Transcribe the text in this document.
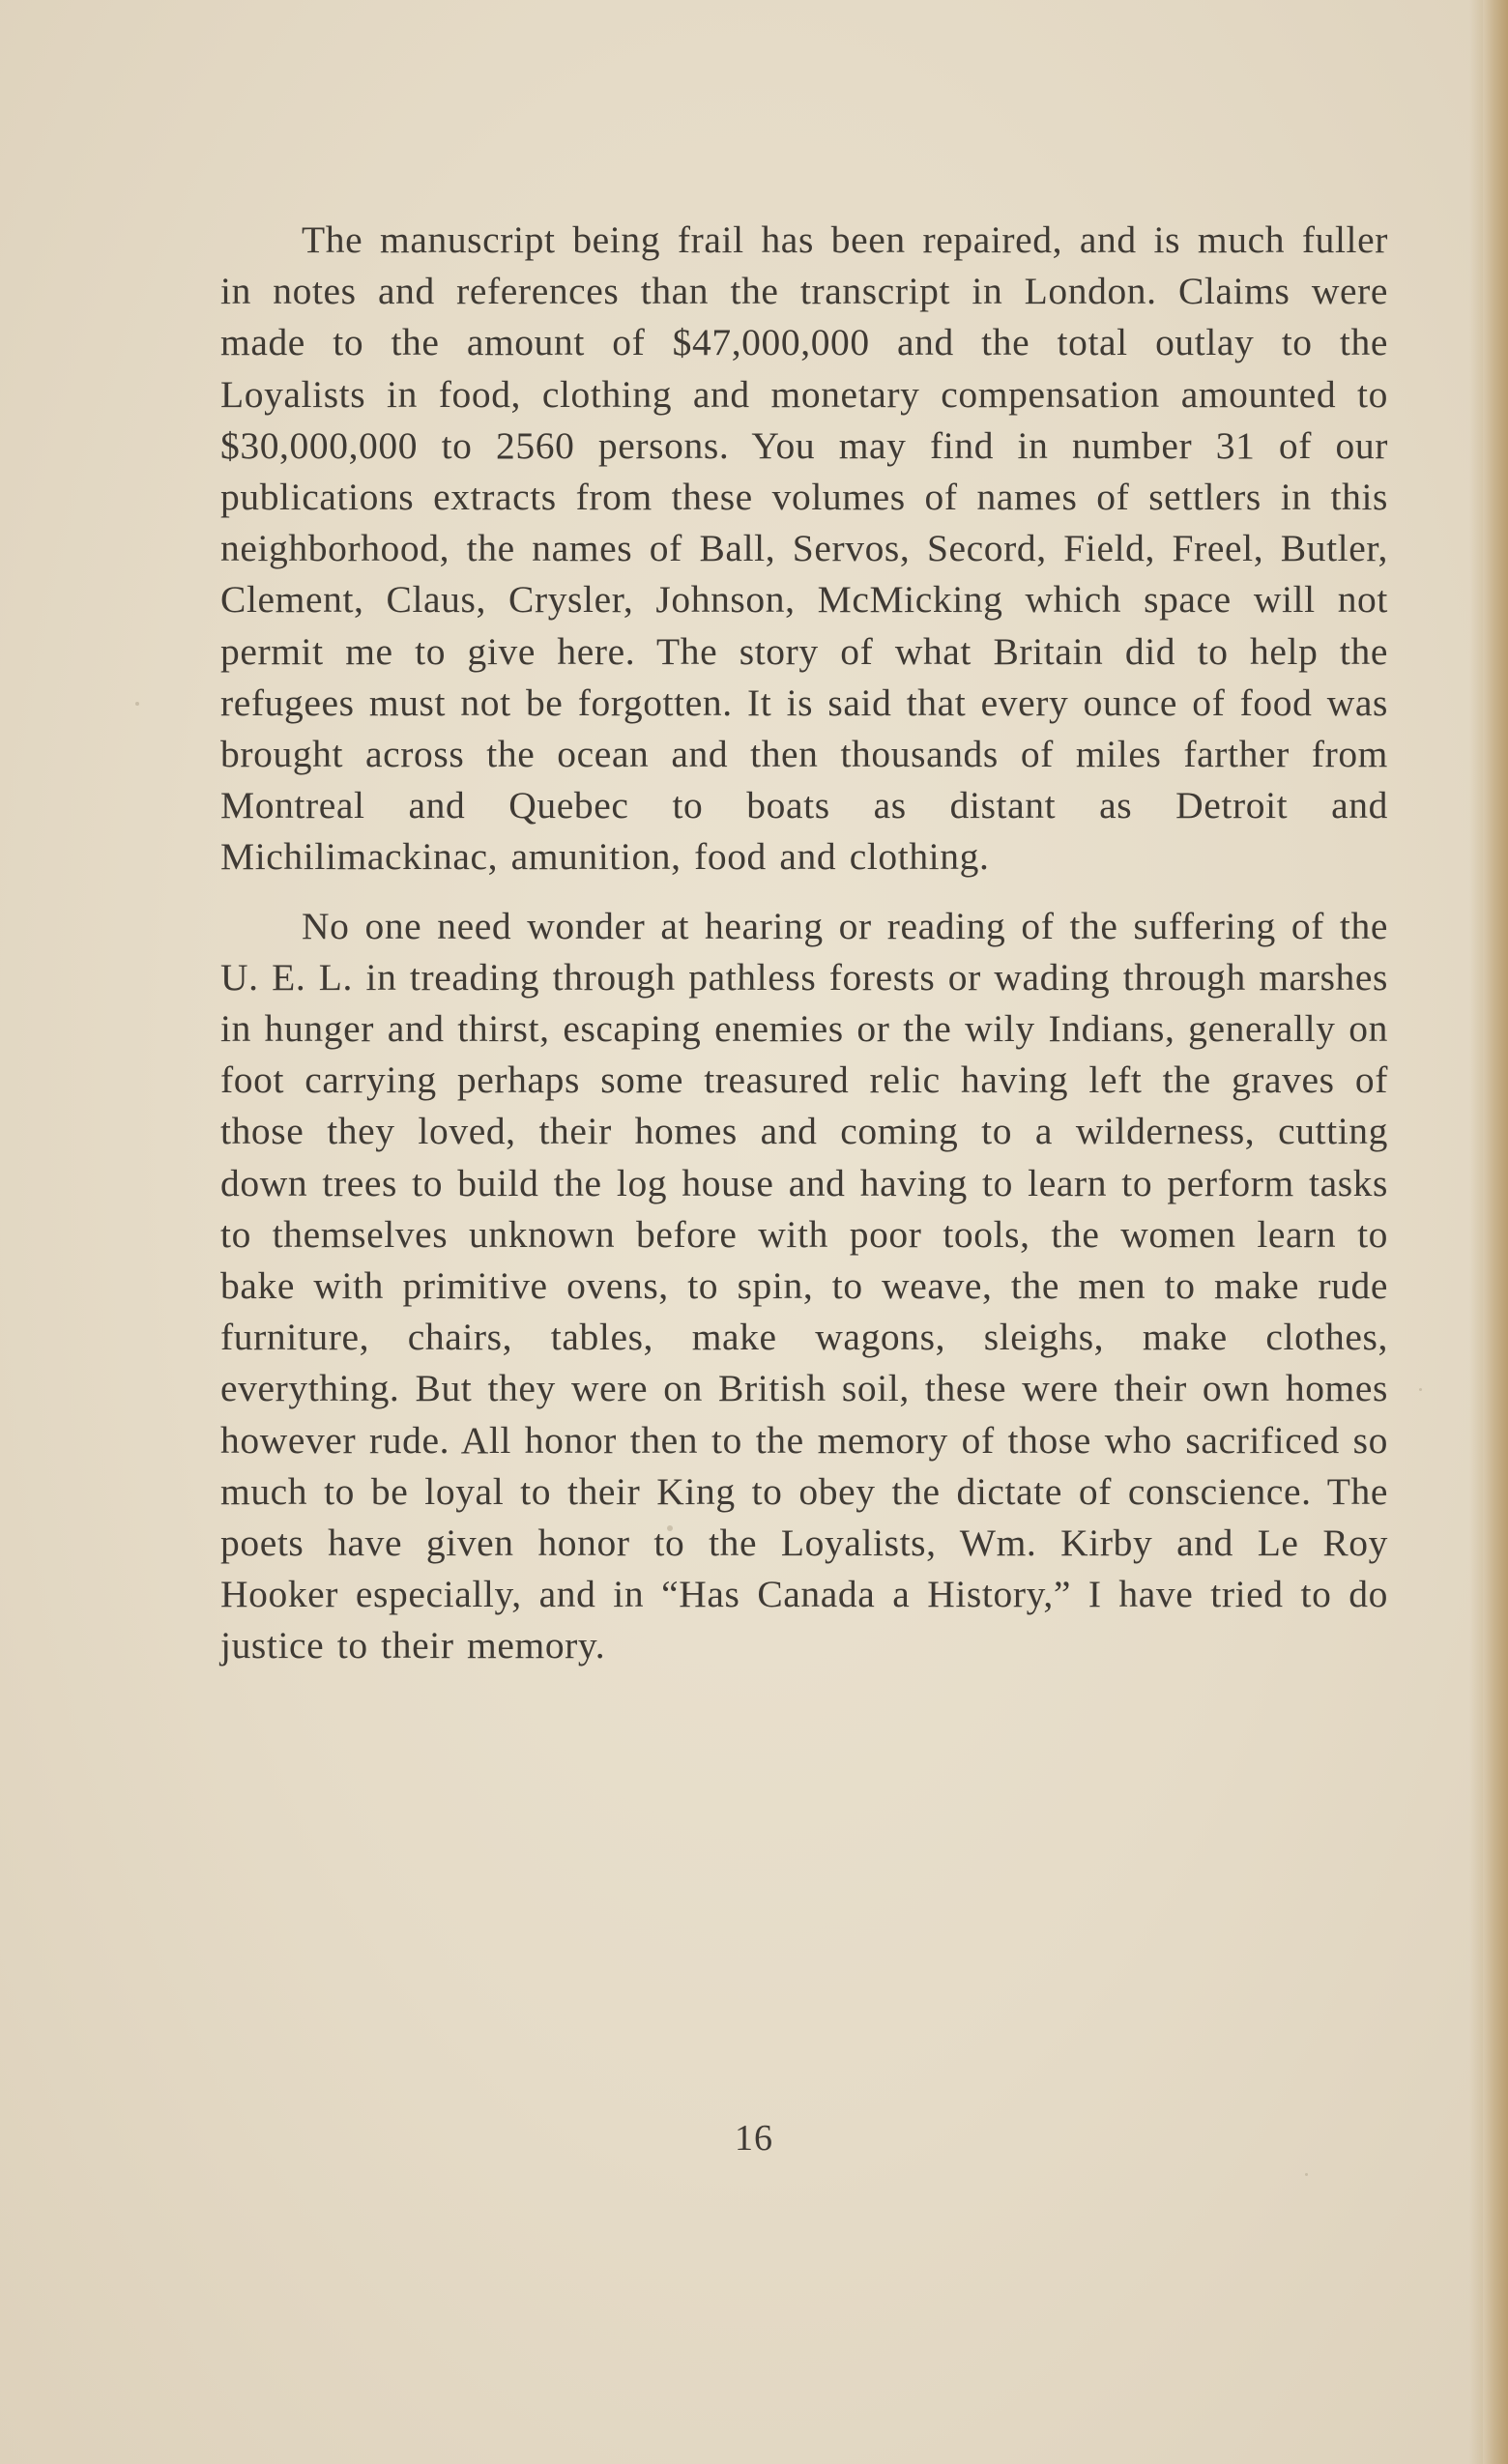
The manuscript being frail has been repaired, and is much fuller in notes and references than the transcript in London. Claims were made to the amount of $47,000,000 and the total outlay to the Loyalists in food, clothing and monetary compensation amounted to $30,000,000 to 2560 persons. You may find in number 31 of our publications extracts from these volumes of names of settlers in this neighborhood, the names of Ball, Servos, Secord, Field, Freel, Butler, Clement, Claus, Crysler, Johnson, McMicking which space will not permit me to give here. The story of what Britain did to help the refugees must not be forgotten. It is said that every ounce of food was brought across the ocean and then thousands of miles farther from Montreal and Quebec to boats as distant as Detroit and Michilimackinac, amunition, food and clothing.

No one need wonder at hearing or reading of the suffering of the U. E. L. in treading through pathless forests or wading through marshes in hunger and thirst, escaping enemies or the wily Indians, generally on foot carrying perhaps some treasured relic having left the graves of those they loved, their homes and coming to a wilderness, cutting down trees to build the log house and having to learn to perform tasks to themselves unknown before with poor tools, the women learn to bake with primitive ovens, to spin, to weave, the men to make rude furniture, chairs, tables, make wagons, sleighs, make clothes, everything. But they were on British soil, these were their own homes however rude. All honor then to the memory of those who sacrificed so much to be loyal to their King to obey the dictate of conscience. The poets have given honor to the Loyalists, Wm. Kirby and Le Roy Hooker especially, and in “Has Canada a History,” I have tried to do justice to their memory.

16
